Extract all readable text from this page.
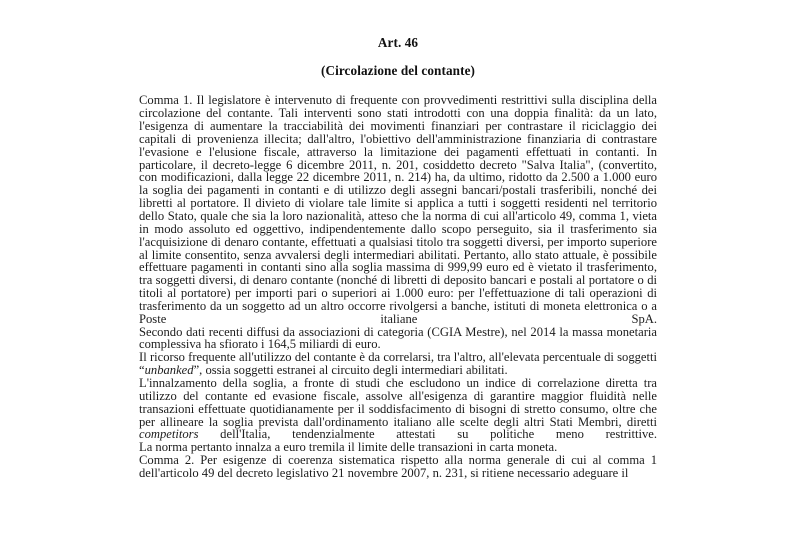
Art. 46
(Circolazione del contante)
Comma 1. Il legislatore è intervenuto di frequente con provvedimenti restrittivi sulla disciplina della circolazione del contante. Tali interventi sono stati introdotti con una doppia finalità: da un lato, l'esigenza di aumentare la tracciabilità dei movimenti finanziari per contrastare il riciclaggio dei capitali di provenienza illecita; dall'altro, l'obiettivo dell'amministrazione finanziaria di contrastare l'evasione e l'elusione fiscale, attraverso la limitazione dei pagamenti effettuati in contanti. In particolare, il decreto-legge 6 dicembre 2011, n. 201, cosiddetto decreto "Salva Italia", (convertito, con modificazioni, dalla legge 22 dicembre 2011, n. 214) ha, da ultimo, ridotto da 2.500 a 1.000 euro la soglia dei pagamenti in contanti e di utilizzo degli assegni bancari/postali trasferibili, nonché dei libretti al portatore. Il divieto di violare tale limite si applica a tutti i soggetti residenti nel territorio dello Stato, quale che sia la loro nazionalità, atteso che la norma di cui all'articolo 49, comma 1, vieta in modo assoluto ed oggettivo, indipendentemente dallo scopo perseguito, sia il trasferimento sia l'acquisizione di denaro contante, effettuati a qualsiasi titolo tra soggetti diversi, per importo superiore al limite consentito, senza avvalersi degli intermediari abilitati. Pertanto, allo stato attuale, è possibile effettuare pagamenti in contanti sino alla soglia massima di 999,99 euro ed è vietato il trasferimento, tra soggetti diversi, di denaro contante (nonché di libretti di deposito bancari e postali al portatore o di titoli al portatore) per importi pari o superiori ai 1.000 euro: per l'effettuazione di tali operazioni di trasferimento da un soggetto ad un altro occorre rivolgersi a banche, istituti di moneta elettronica o a Poste italiane SpA.
Secondo dati recenti diffusi da associazioni di categoria (CGIA Mestre), nel 2014 la massa monetaria complessiva ha sfiorato i 164,5 miliardi di euro.
Il ricorso frequente all'utilizzo del contante è da correlarsi, tra l'altro, all'elevata percentuale di soggetti “unbanked”, ossia soggetti estranei al circuito degli intermediari abilitati.
L'innalzamento della soglia, a fronte di studi che escludono un indice di correlazione diretta tra utilizzo del contante ed evasione fiscale, assolve all'esigenza di garantire maggior fluidità nelle transazioni effettuate quotidianamente per il soddisfacimento di bisogni di stretto consumo, oltre che per allineare la soglia prevista dall'ordinamento italiano alle scelte degli altri Stati Membri, diretti competitors dell'Italia, tendenzialmente attestati su politiche meno restrittive.
La norma pertanto innalza a euro tremila il limite delle transazioni in carta moneta.
Comma 2. Per esigenze di coerenza sistematica rispetto alla norma generale di cui al comma 1 dell'articolo 49 del decreto legislativo 21 novembre 2007, n. 231, si ritiene necessario adeguare il
